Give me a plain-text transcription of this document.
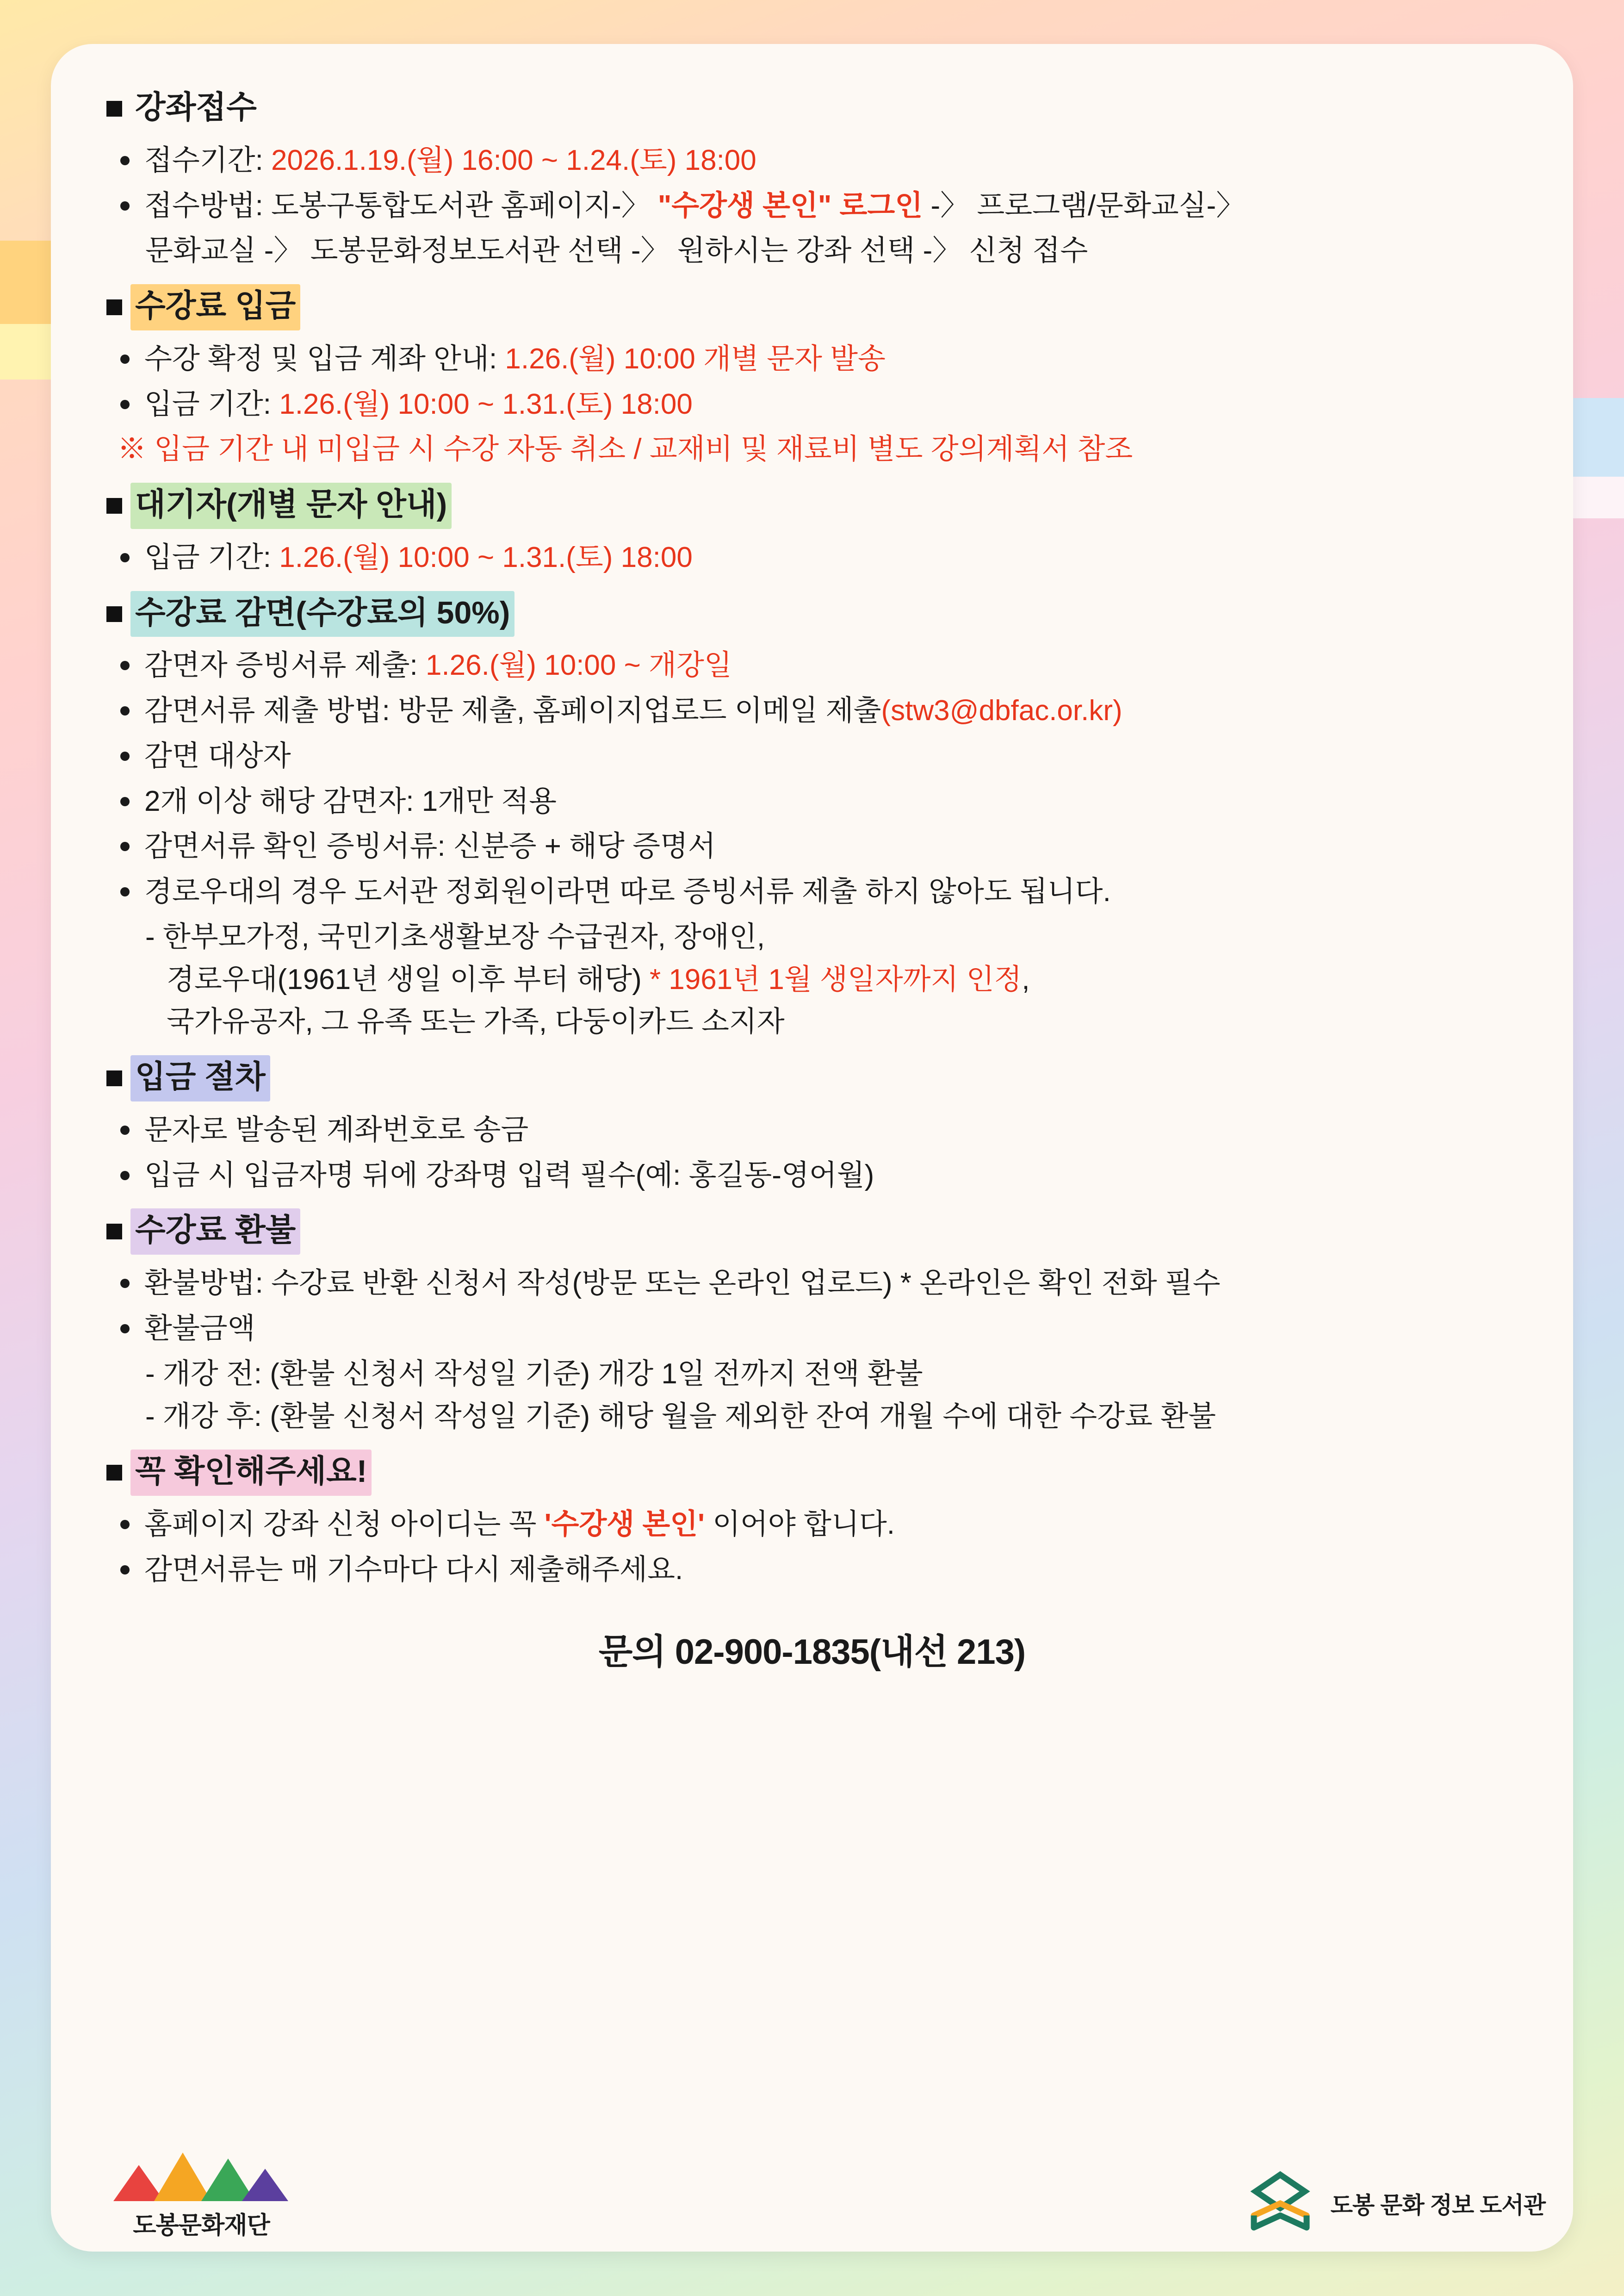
강좌접수
접수기간: 2026.1.19.(월) 16:00 ~ 1.24.(토) 18:00
접수방법: 도봉구통합도서관 홈페이지-〉 "수강생 본인" 로그인 -〉 프로그램/문화교실-〉
문화교실 -〉 도봉문화정보도서관 선택 -〉 원하시는 강좌 선택 -〉 신청 접수
수강료 입금
수강 확정 및 입금 계좌 안내: 1.26.(월) 10:00 개별 문자 발송
입금 기간: 1.26.(월) 10:00 ~ 1.31.(토) 18:00
※ 입금 기간 내 미입금 시 수강 자동 취소 / 교재비 및 재료비 별도 강의계획서 참조
대기자(개별 문자 안내)
입금 기간: 1.26.(월) 10:00 ~ 1.31.(토) 18:00
수강료 감면(수강료의 50%)
감면자 증빙서류 제출: 1.26.(월) 10:00 ~ 개강일
감면서류 제출 방법: 방문 제출, 홈페이지업로드 이메일 제출(stw3@dbfac.or.kr)
감면 대상자
2개 이상 해당 감면자: 1개만 적용
감면서류 확인 증빙서류: 신분증 + 해당 증명서
경로우대의 경우 도서관 정회원이라면 따로 증빙서류 제출 하지 않아도 됩니다.
- 한부모가정, 국민기초생활보장 수급권자, 장애인,
경로우대(1961년 생일 이후 부터 해당) * 1961년 1월 생일자까지 인정,
국가유공자, 그 유족 또는 가족, 다둥이카드 소지자
입금 절차
문자로 발송된 계좌번호로 송금
입금 시 입금자명 뒤에 강좌명 입력 필수(예: 홍길동-영어월)
수강료 환불
환불방법: 수강료 반환 신청서 작성(방문 또는 온라인 업로드) * 온라인은 확인 전화 필수
환불금액
- 개강 전: (환불 신청서 작성일 기준) 개강 1일 전까지 전액 환불
- 개강 후: (환불 신청서 작성일 기준) 해당 월을 제외한 잔여 개월 수에 대한 수강료 환불
꼭 확인해주세요!
홈페이지 강좌 신청 아이디는 꼭 '수강생 본인' 이어야 합니다.
감면서류는 매 기수마다 다시 제출해주세요.
문의 02-900-1835(내선 213)
도봉문화재단
도봉 문화 정보 도서관
